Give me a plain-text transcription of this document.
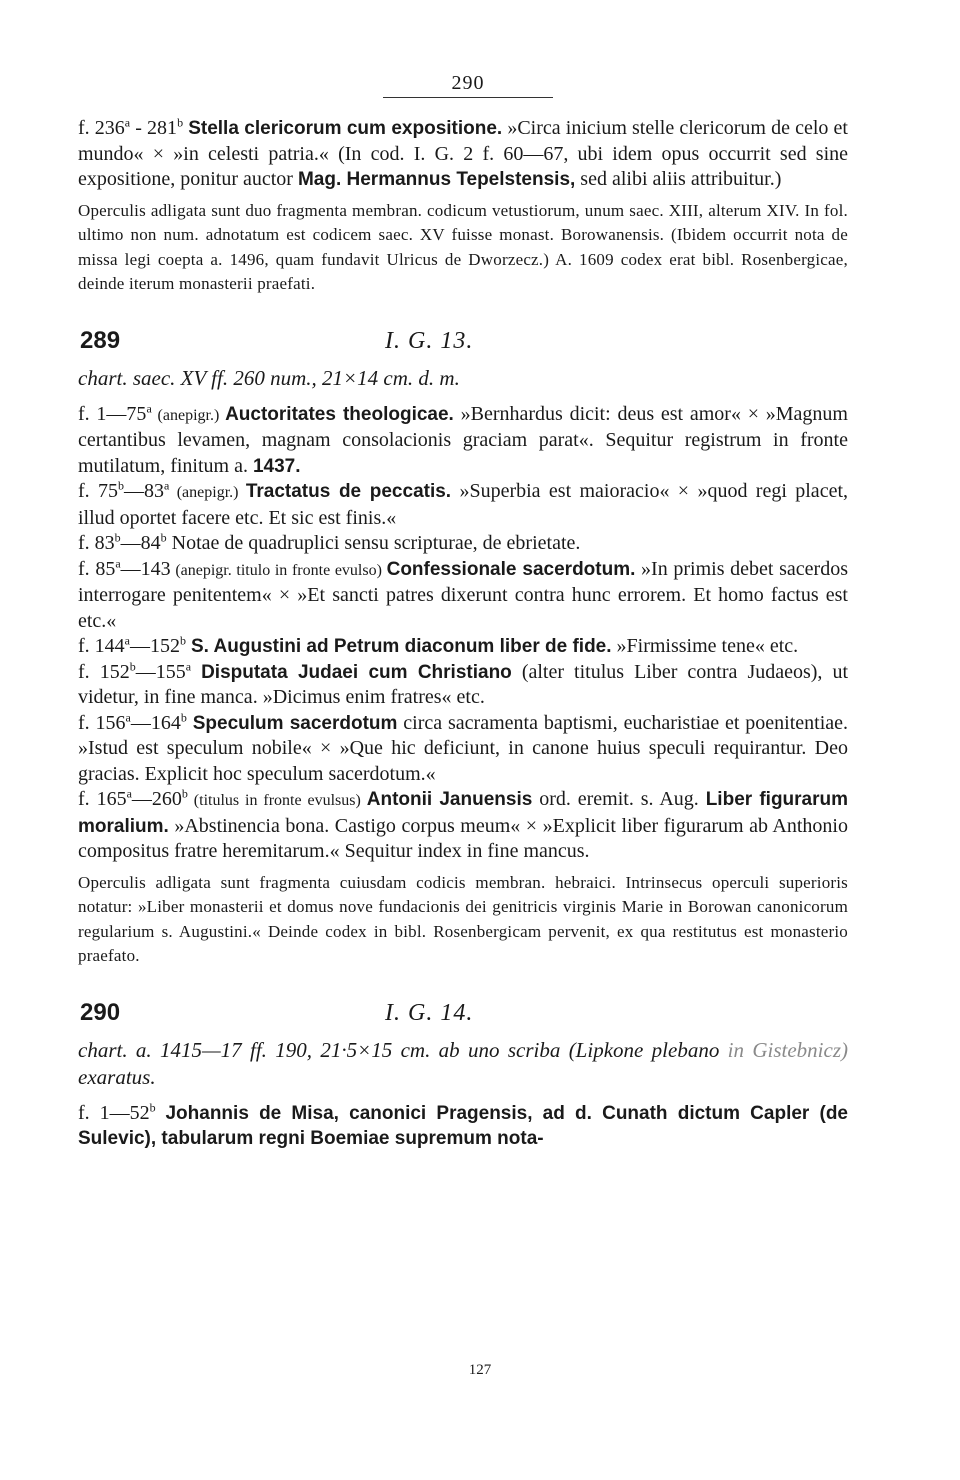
290

f. 236$^a$ - 281$^b$ Stella clericorum cum expositione. »Circa inicium stelle clericorum de celo et mundo« × »in celesti patria.« (In cod. I. G. 2 f. 60—67, ubi idem opus occurrit sed sine expositione, ponitur auctor Mag. Hermannus Tepelstensis, sed alibi aliis attribuitur.)

Operculis adligata sunt duo fragmenta membran. codicum vetustiorum, unum saec. XIII, alterum XIV. In fol. ultimo non num. adnotatum est codicem saec. XV fuisse monast. Borowanensis. (Ibidem occurrit nota de missa legi coepta a. 1496, quam fundavit Ulricus de Dworzecz.) A. 1609 codex erat bibl. Rosenbergicae, deinde iterum monasterii praefati.

289	I. G. 13.

chart. saec. XV ff. 260 num., 21×14 cm. d. m.

f. 1—75$^a$ (anepigr.) Auctoritates theologicae. »Bernhardus dicit: deus est amor« × »Magnum certantibus levamen, magnam consolacionis graciam parat«. Sequitur registrum in fronte mutilatum, finitum a. 1437.

f. 75$^b$—83$^a$ (anepigr.) Tractatus de peccatis. »Superbia est maioracio« × »quod regi placet, illud oportet facere etc. Et sic est finis.«

f. 83$^b$—84$^b$ Notae de quadruplici sensu scripturae, de ebrietate.

f. 85$^a$—143 (anepigr. titulo in fronte evulso) Confessionale sacerdotum. »In primis debet sacerdos interrogare penitentem« × »Et sancti patres dixerunt contra hunc errorem. Et homo factus est etc.«

f. 144$^a$—152$^b$ S. Augustini ad Petrum diaconum liber de fide. »Firmissime tene« etc.

f. 152$^b$—155$^a$ Disputata Judaei cum Christiano (alter titulus Liber contra Judaeos), ut videtur, in fine manca. »Dicimus enim fratres« etc.

f. 156$^a$—164$^b$ Speculum sacerdotum circa sacramenta baptismi, eucharistiae et poenitentiae. »Istud est speculum nobile« × »Que hic deficiunt, in canone huius speculi requirantur. Deo gracias. Explicit hoc speculum sacerdotum.«

f. 165$^a$—260$^b$ (titulus in fronte evulsus) Antonii Januensis ord. eremit. s. Aug. Liber figurarum moralium. »Abstinencia bona. Castigo corpus meum« × »Explicit liber figurarum ab Anthonio compositus fratre heremitarum.« Sequitur index in fine mancus.

Operculis adligata sunt fragmenta cuiusdam codicis membran. hebraici. Intrinsecus operculi superioris notatur: »Liber monasterii et domus nove fundacionis dei genitricis virginis Marie in Borowan canonicorum regularium s. Augustini.« Deinde codex in bibl. Rosenbergicam pervenit, ex qua restitutus est monasterio praefato.

290	I. G. 14.

chart. a. 1415—17 ff. 190, 21·5×15 cm. ab uno scriba (Lipkone plebano in Gistebnicz) exaratus.

f. 1—52$^b$ Johannis de Misa, canonici Pragensis, ad d. Cunath dictum Capler (de Sulevic), tabularum regni Boemiae supremum nota-

127
